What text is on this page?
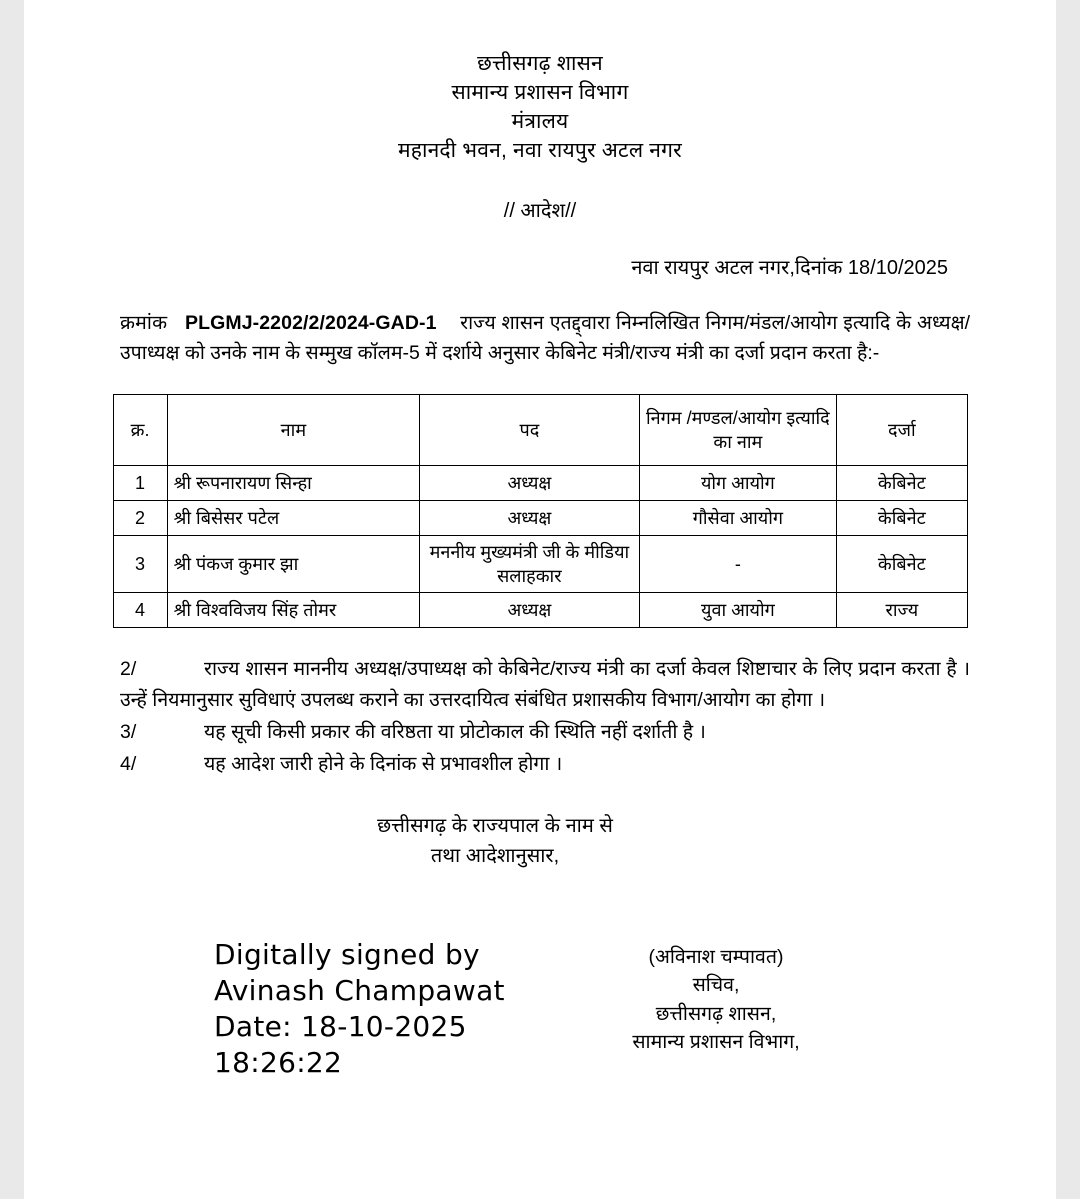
छत्तीसगढ़ शासन
सामान्य प्रशासन विभाग
मंत्रालय
महानदी भवन, नवा रायपुर अटल नगर
// आदेश//
नवा रायपुर अटल नगर,दिनांक 18/10/2025
क्रमांक PLGMJ-2202/2/2024-GAD-1 राज्य शासन एतद्द्वारा निम्नलिखित निगम/मंडल/आयोग इत्यादि के अध्यक्ष/उपाध्यक्ष को उनके नाम के सम्मुख कॉलम-5 में दर्शाये अनुसार केबिनेट मंत्री/राज्य मंत्री का दर्जा प्रदान करता है:-
क्र.	नाम	पद	निगम /मण्डल/आयोग इत्यादि का नाम	दर्जा
1	श्री रूपनारायण सिन्हा	अध्यक्ष	योग आयोग	केबिनेट
2	श्री बिसेसर पटेल	अध्यक्ष	गौसेवा आयोग	केबिनेट
3	श्री पंकज कुमार झा	मननीय मुख्यमंत्री जी के मीडिया सलाहकार	-	केबिनेट
4	श्री विश्वविजय सिंह तोमर	अध्यक्ष	युवा आयोग	राज्य
2/	राज्य शासन माननीय अध्यक्ष/उपाध्यक्ष को केबिनेट/राज्य मंत्री का दर्जा केवल शिष्टाचार के लिए प्रदान करता है । उन्हें नियमानुसार सुविधाएं उपलब्ध कराने का उत्तरदायित्व संबंधित प्रशासकीय विभाग/आयोग का होगा ।
3/	यह सूची किसी प्रकार की वरिष्ठता या प्रोटोकाल की स्थिति नहीं दर्शाती है ।
4/	यह आदेश जारी होने के दिनांक से प्रभावशील होगा ।
छत्तीसगढ़ के राज्यपाल के नाम से
तथा आदेशानुसार,
Digitally signed by
Avinash Champawat
Date: 18-10-2025
18:26:22
(अविनाश चम्पावत)
सचिव,
छत्तीसगढ़ शासन,
सामान्य प्रशासन विभाग,
